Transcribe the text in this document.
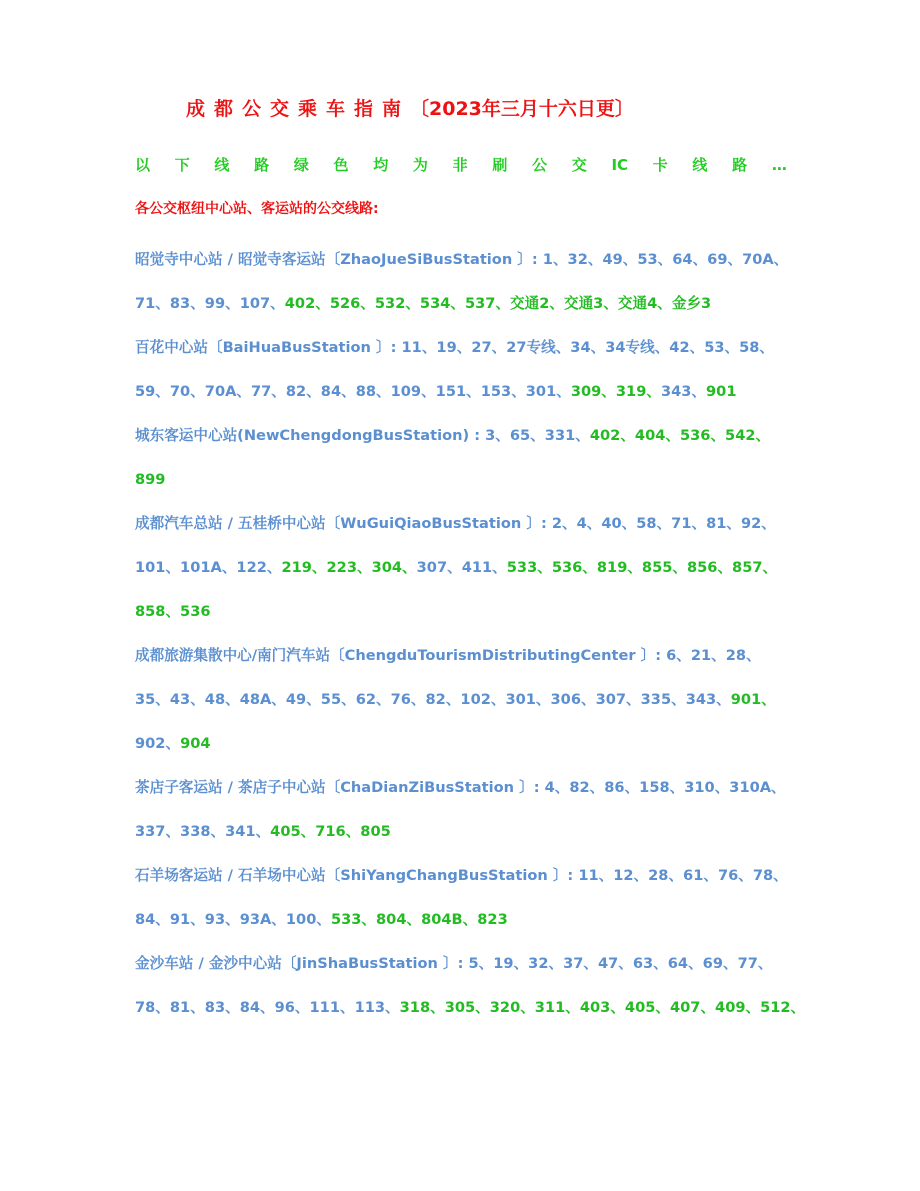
成都公交乘车指南〔2023年三月十六日更〕
以 下 线 路 绿 色 均 为 非 刷 公 交 IC 卡 线 路 …
各公交枢纽中心站、客运站的公交线路:
昭觉寺中心站 / 昭觉寺客运站〔ZhaoJueSiBusStation 〕: 1、32、49、53、64、69、70A、
71、83、99、107、402、526、532、534、537、交通2、交通3、交通4、金乡3
百花中心站〔BaiHuaBusStation 〕: 11、19、27、27专线、34、34专线、42、53、58、
59、70、70A、77、82、84、88、109、151、153、301、309、319、343、901
城东客运中心站(NewChengdongBusStation) : 3、65、331、402、404、536、542、
899
成都汽车总站 / 五桂桥中心站〔WuGuiQiaoBusStation 〕: 2、4、40、58、71、81、92、
101、101A、122、219、223、304、307、411、533、536、819、855、856、857、
858、536
成都旅游集散中心/南门汽车站〔ChengduTourismDistributingCenter 〕: 6、21、28、
35、43、48、48A、49、55、62、76、82、102、301、306、307、335、343、901、
902、904
茶店子客运站 / 茶店子中心站〔ChaDianZiBusStation 〕: 4、82、86、158、310、310A、
337、338、341、405、716、805
石羊场客运站 / 石羊场中心站〔ShiYangChangBusStation 〕: 11、12、28、61、76、78、
84、91、93、93A、100、533、804、804B、823
金沙车站 / 金沙中心站〔JinShaBusStation 〕: 5、19、32、37、47、63、64、69、77、
78、81、83、84、96、111、113、318、305、320、311、403、405、407、409、512、
